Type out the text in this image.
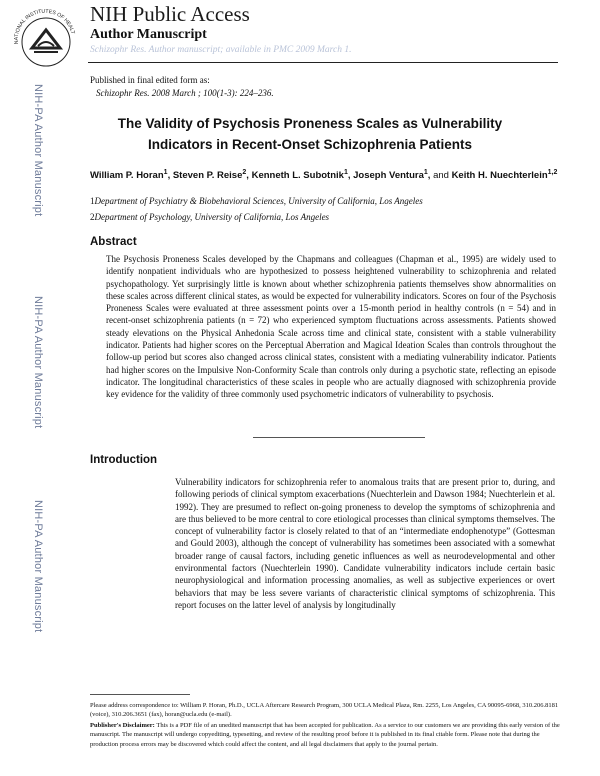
NATIONAL INSTITUTES OF HEALT
NIH Public Access
Author Manuscript
Schizophr Res. Author manuscript; available in PMC 2009 March 1.
Published in final edited form as:
Schizophr Res. 2008 March ; 100(1-3): 224–236.
NIH-PA Author Manuscript
NIH-PA Author Manuscript
NIH-PA Author Manuscript
The Validity of Psychosis Proneness Scales as Vulnerability
Indicators in Recent-Onset Schizophrenia Patients
William P. Horan$^1$, Steven P. Reise$^2$, Kenneth L. Subotnik$^1$, Joseph Ventura$^1$, and Keith H. Nuechterlein$^{1,2}$
1Department of Psychiatry & Biobehavioral Sciences, University of California, Los Angeles
2Department of Psychology, University of California, Los Angeles
Abstract
The Psychosis Proneness Scales developed by the Chapmans and colleagues (Chapman et al., 1995) are widely used to identify nonpatient individuals who are hypothesized to possess heightened vulnerability to schizophrenia and related psychopathology. Yet surprisingly little is known about whether schizophrenia patients themselves show abnormalities on these scales across different clinical states, as would be expected for vulnerability indicators. Scores on four of the Psychosis Proneness Scales were evaluated at three assessment points over a 15-month period in healthy controls (n = 54) and in recent-onset schizophrenia patients (n = 72) who experienced symptom fluctuations across assessments. Patients showed steady elevations on the Physical Anhedonia Scale across time and clinical state, consistent with a stable vulnerability indicator. Patients had higher scores on the Perceptual Aberration and Magical Ideation Scales than controls throughout the follow-up period but scores also changed across clinical states, consistent with a mediating vulnerability indicator. Patients had higher scores on the Impulsive Non-Conformity Scale than controls only during a psychotic state, reflecting an episode indicator. The longitudinal characteristics of these scales in people who are actually diagnosed with schizophrenia provide key evidence for the validity of three commonly used psychometric indicators of vulnerability to psychosis.
Introduction
Vulnerability indicators for schizophrenia refer to anomalous traits that are present prior to, during, and following periods of clinical symptom exacerbations (Nuechterlein and Dawson 1984; Nuechterlein et al. 1992). They are presumed to reflect on-going proneness to develop the symptoms of schizophrenia and are thus believed to be more central to core etiological processes than clinical symptoms themselves. The concept of vulnerability factor is closely related to that of an “intermediate endophenotype” (Gottesman and Gould 2003), although the concept of vulnerability has sometimes been associated with a somewhat broader range of causal factors, including genetic influences as well as neurodevelopmental and other environmental factors (Nuechterlein 1990). Candidate vulnerability indicators include certain basic neurophysiological and information processing anomalies, as well as subjective experiences or overt behaviors that may be less severe variants of characteristic clinical symptoms of schizophrenia. This report focuses on the latter level of analysis by longitudinally
Please address correspondence to: William P. Horan, Ph.D., UCLA Aftercare Research Program, 300 UCLA Medical Plaza, Rm. 2255, Los Angeles, CA 90095-6968, 310.206.8181 (voice), 310.206.3651 (fax), horan@ucla.edu (e-mail).
Publisher's Disclaimer: This is a PDF file of an unedited manuscript that has been accepted for publication. As a service to our customers we are providing this early version of the manuscript. The manuscript will undergo copyediting, typesetting, and review of the resulting proof before it is published in its final citable form. Please note that during the production process errors may be discovered which could affect the content, and all legal disclaimers that apply to the journal pertain.
